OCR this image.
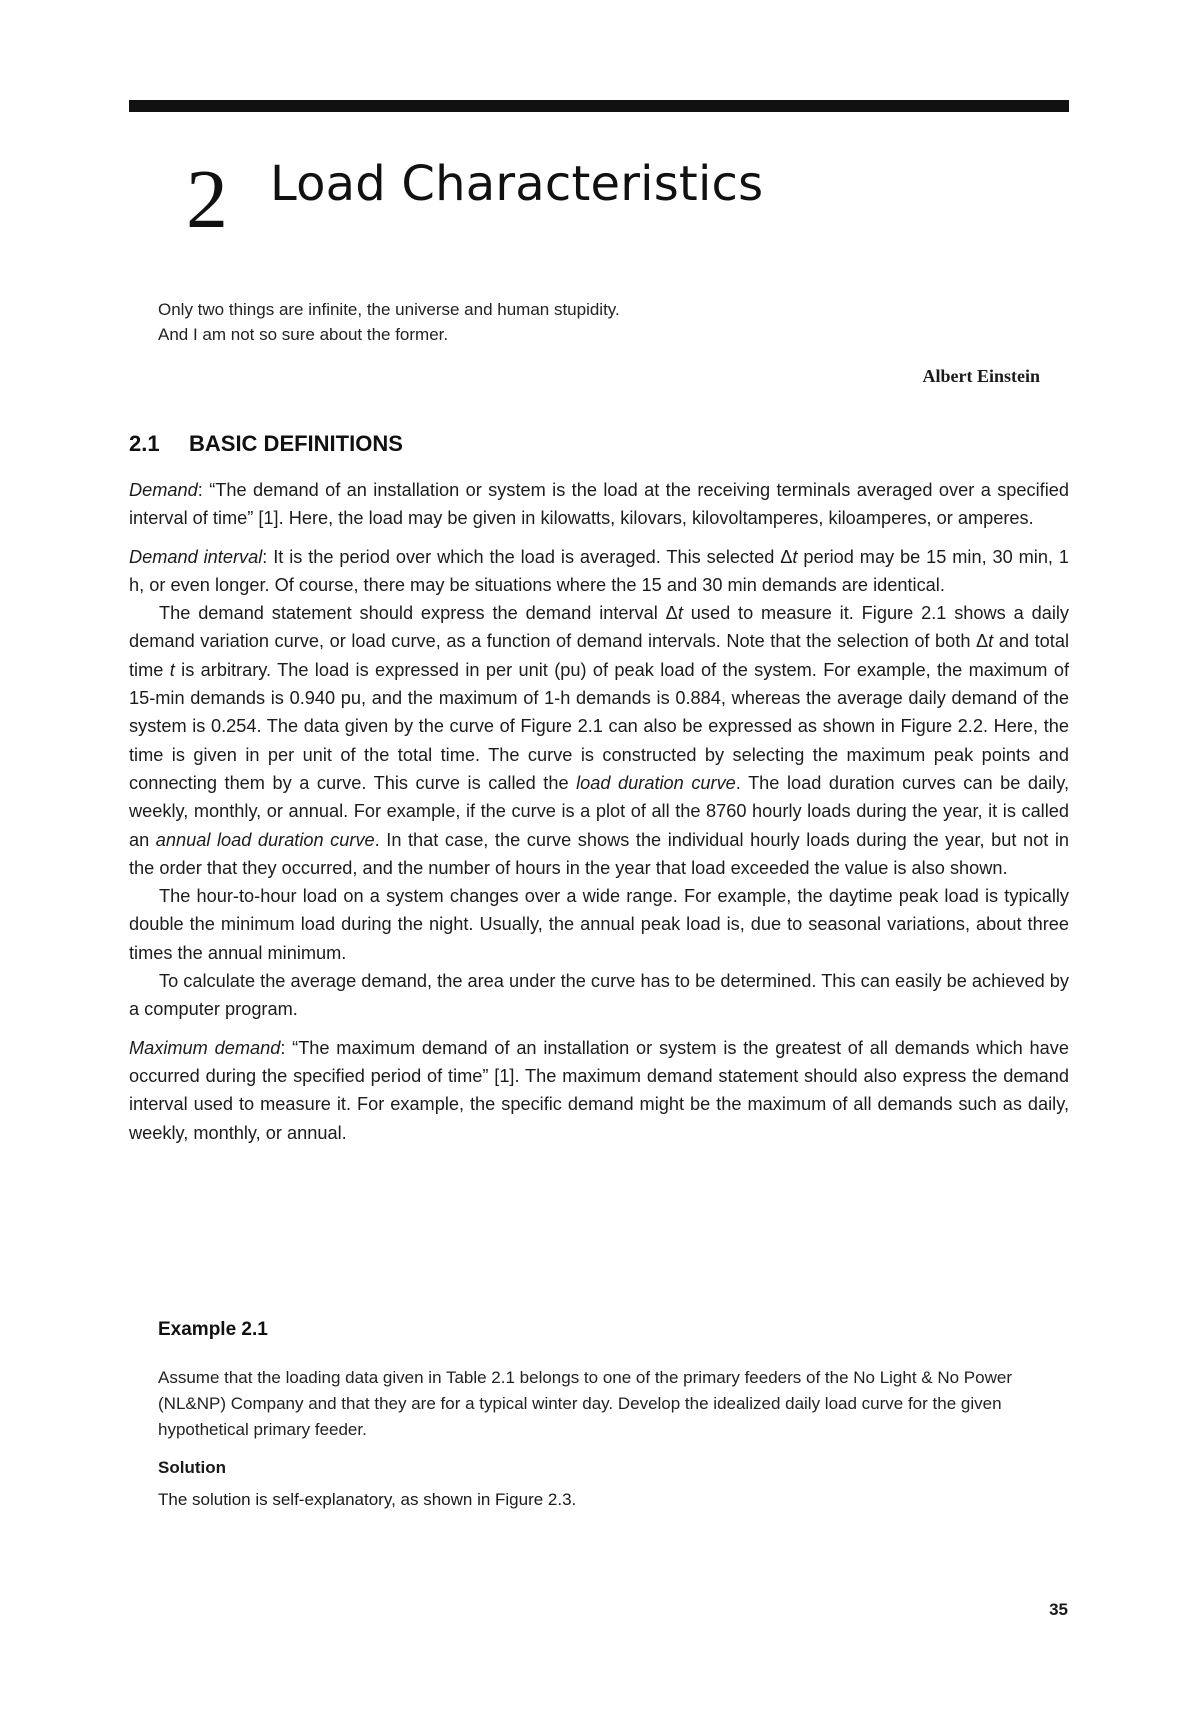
2 Load Characteristics

Only two things are infinite, the universe and human stupidity.

And I am not so sure about the former.

Albert Einstein
2.1 BASIC DEFINITIONS

Demand: “The demand of an installation or system is the load at the receiving terminals averaged over a specified interval of time” [1]. Here, the load may be given in kilowatts, kilovars, kilovoltamperes, kiloamperes, or amperes.

Demand interval: It is the period over which the load is averaged. This selected Δt period may be 15 min, 30 min, 1 h, or even longer. Of course, there may be situations where the 15 and 30 min demands are identical.

The demand statement should express the demand interval Δt used to measure it. Figure 2.1 shows a daily demand variation curve, or load curve, as a function of demand intervals. Note that the selection of both Δt and total time t is arbitrary. The load is expressed in per unit (pu) of peak load of the system. For example, the maximum of 15-min demands is 0.940 pu, and the maximum of 1-h demands is 0.884, whereas the average daily demand of the system is 0.254. The data given by the curve of Figure 2.1 can also be expressed as shown in Figure 2.2. Here, the time is given in per unit of the total time. The curve is constructed by selecting the maximum peak points and connecting them by a curve. This curve is called the load duration curve. The load duration curves can be daily, weekly, monthly, or annual. For example, if the curve is a plot of all the 8760 hourly loads during the year, it is called an annual load duration curve. In that case, the curve shows the individual hourly loads during the year, but not in the order that they occurred, and the number of hours in the year that load exceeded the value is also shown.

The hour-to-hour load on a system changes over a wide range. For example, the daytime peak load is typically double the minimum load during the night. Usually, the annual peak load is, due to seasonal variations, about three times the annual minimum.

To calculate the average demand, the area under the curve has to be determined. This can easily be achieved by a computer program.

Maximum demand: “The maximum demand of an installation or system is the greatest of all demands which have occurred during the specified period of time” [1]. The maximum demand statement should also express the demand interval used to measure it. For example, the specific demand might be the maximum of all demands such as daily, weekly, monthly, or annual.

Example 2.1

Assume that the loading data given in Table 2.1 belongs to one of the primary feeders of the No Light & No Power (NL&NP) Company and that they are for a typical winter day. Develop the idealized daily load curve for the given hypothetical primary feeder.

Solution

The solution is self-explanatory, as shown in Figure 2.3.

35
